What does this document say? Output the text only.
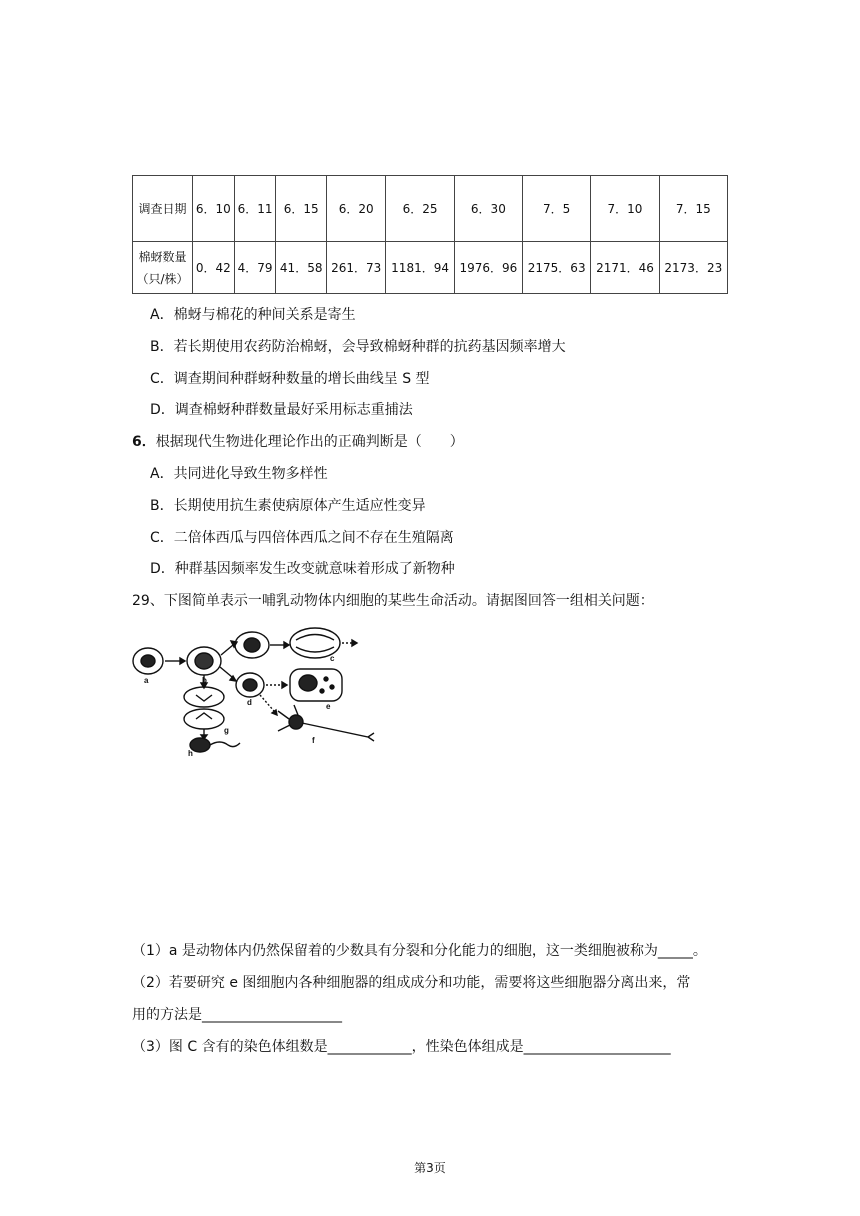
调查日期	6．10	6．11	6．15	6．20	6．25	6．30	7．5	7．10	7．15

棉蚜数量
（只/株）	0．42	4．79	41．58	261．73	1181．94	1976．96	2175．63	2171．46	2173．23
A．棉蚜与棉花的种间关系是寄生
B．若长期使用农药防治棉蚜，会导致棉蚜种群的抗药基因频率增大
C．调查期间种群蚜种数量的增长曲线呈 S 型
D．调查棉蚜种群数量最好采用标志重捕法
6．根据现代生物进化理论作出的正确判断是（　　）
A．共同进化导致生物多样性
B．长期使用抗生素使病原体产生适应性变异
C．二倍体西瓜与四倍体西瓜之间不存在生殖隔离
D．种群基因频率发生改变就意味着形成了新物种
29、下图简单表示一哺乳动物体内细胞的某些生命活动。请据图回答一组相关问题：
a	b
c
d	e
f
g
h
（1）a 是动物体内仍然保留着的少数具有分裂和分化能力的细胞，这一类细胞被称为_____。
（2）若要研究 e 图细胞内各种细胞器的组成成分和功能，需要将这些细胞器分离出来，常
用的方法是____________________
（3）图 C 含有的染色体组数是____________，性染色体组成是_____________________
第3页
